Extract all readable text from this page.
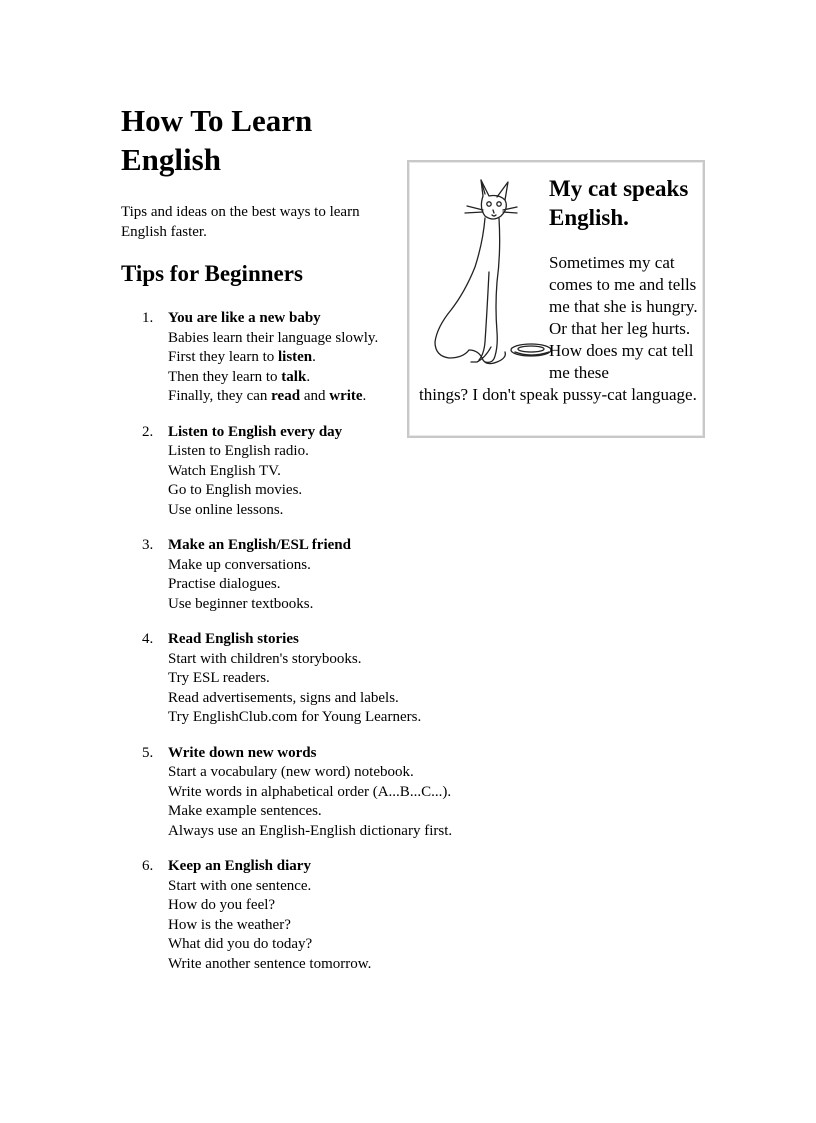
How To Learn
English

Tips and ideas on the best ways to learn English faster.

Tips for Beginners
1. You are like a new baby
Babies learn their language slowly.
First they learn to listen.
Then they learn to talk.
Finally, they can read and write.
2. Listen to English every day
Listen to English radio.
Watch English TV.
Go to English movies.
Use online lessons.
3. Make an English/ESL friend
Make up conversations.
Practise dialogues.
Use beginner textbooks.
4. Read English stories
Start with children's storybooks.
Try ESL readers.
Read advertisements, signs and labels.
Try EnglishClub.com for Young Learners.
5. Write down new words
Start a vocabulary (new word) notebook.
Write words in alphabetical order (A...B...C...).
Make example sentences.
Always use an English-English dictionary first.
6. Keep an English diary
Start with one sentence.
How do you feel?
How is the weather?
What did you do today?
Write another sentence tomorrow.
My cat speaks English.

Sometimes my cat comes to me and tells me that she is hungry. Or that her leg hurts. How does my cat tell me these

things? I don't speak pussy-cat language.
